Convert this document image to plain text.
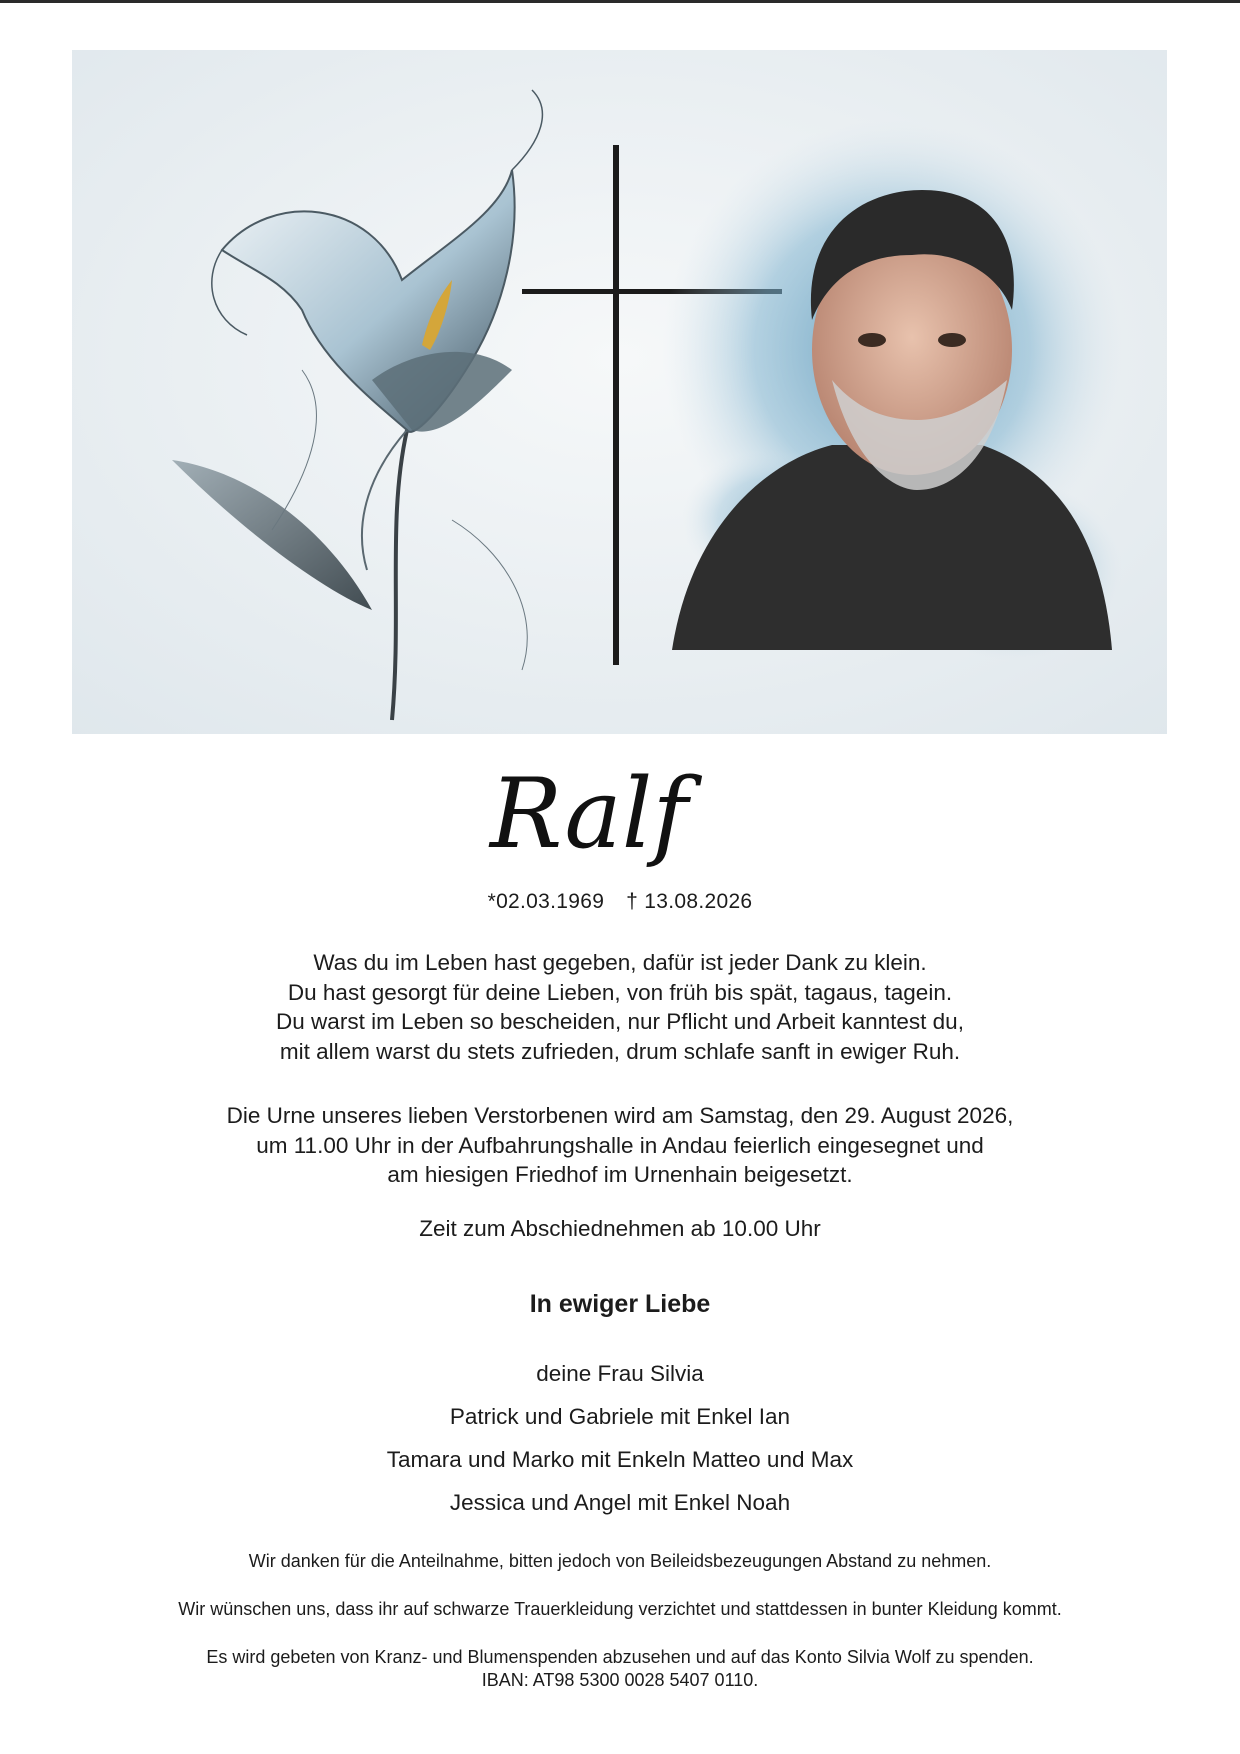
Ralf
*02.03.1969 † 13.08.2026
Was du im Leben hast gegeben, dafür ist jeder Dank zu klein.
Du hast gesorgt für deine Lieben, von früh bis spät, tagaus, tagein.
Du warst im Leben so bescheiden, nur Pflicht und Arbeit kanntest du,
mit allem warst du stets zufrieden, drum schlafe sanft in ewiger Ruh.
Die Urne unseres lieben Verstorbenen wird am Samstag, den 29. August 2026,
um 11.00 Uhr in der Aufbahrungshalle in Andau feierlich eingesegnet und
am hiesigen Friedhof im Urnenhain beigesetzt.
Zeit zum Abschiednehmen ab 10.00 Uhr
In ewiger Liebe
deine Frau Silvia
Patrick und Gabriele mit Enkel Ian
Tamara und Marko mit Enkeln Matteo und Max
Jessica und Angel mit Enkel Noah
Wir danken für die Anteilnahme, bitten jedoch von Beileidsbezeugungen Abstand zu nehmen.
Wir wünschen uns, dass ihr auf schwarze Trauerkleidung verzichtet und stattdessen in bunter Kleidung kommt.
Es wird gebeten von Kranz- und Blumenspenden abzusehen und auf das Konto Silvia Wolf zu spenden.
IBAN: AT98 5300 0028 5407 0110.
